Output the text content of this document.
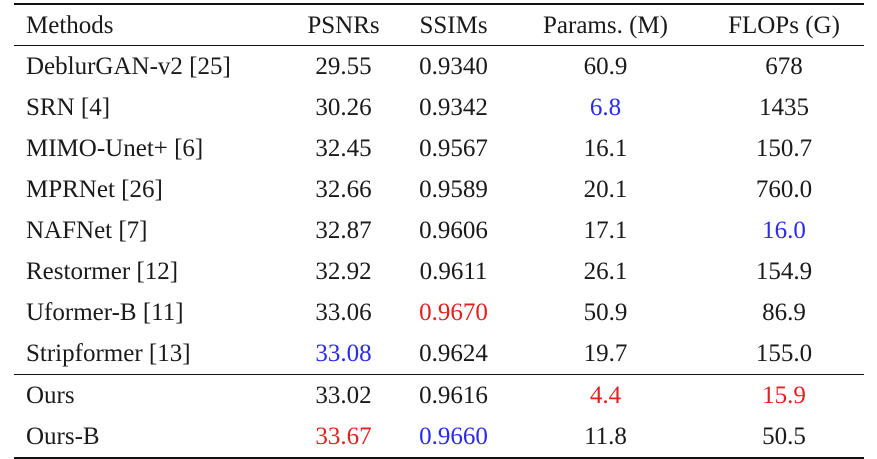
Methods	PSNRs	SSIMs	Params. (M)	FLOPs (G)
DeblurGAN-v2 [25]	29.55	0.9340	60.9	678
SRN [4]	30.26	0.9342	6.8	1435
MIMO-Unet+ [6]	32.45	0.9567	16.1	150.7
MPRNet [26]	32.66	0.9589	20.1	760.0
NAFNet [7]	32.87	0.9606	17.1	16.0
Restormer [12]	32.92	0.9611	26.1	154.9
Uformer-B [11]	33.06	0.9670	50.9	86.9
Stripformer [13]	33.08	0.9624	19.7	155.0
Ours	33.02	0.9616	4.4	15.9
Ours-B	33.67	0.9660	11.8	50.5
